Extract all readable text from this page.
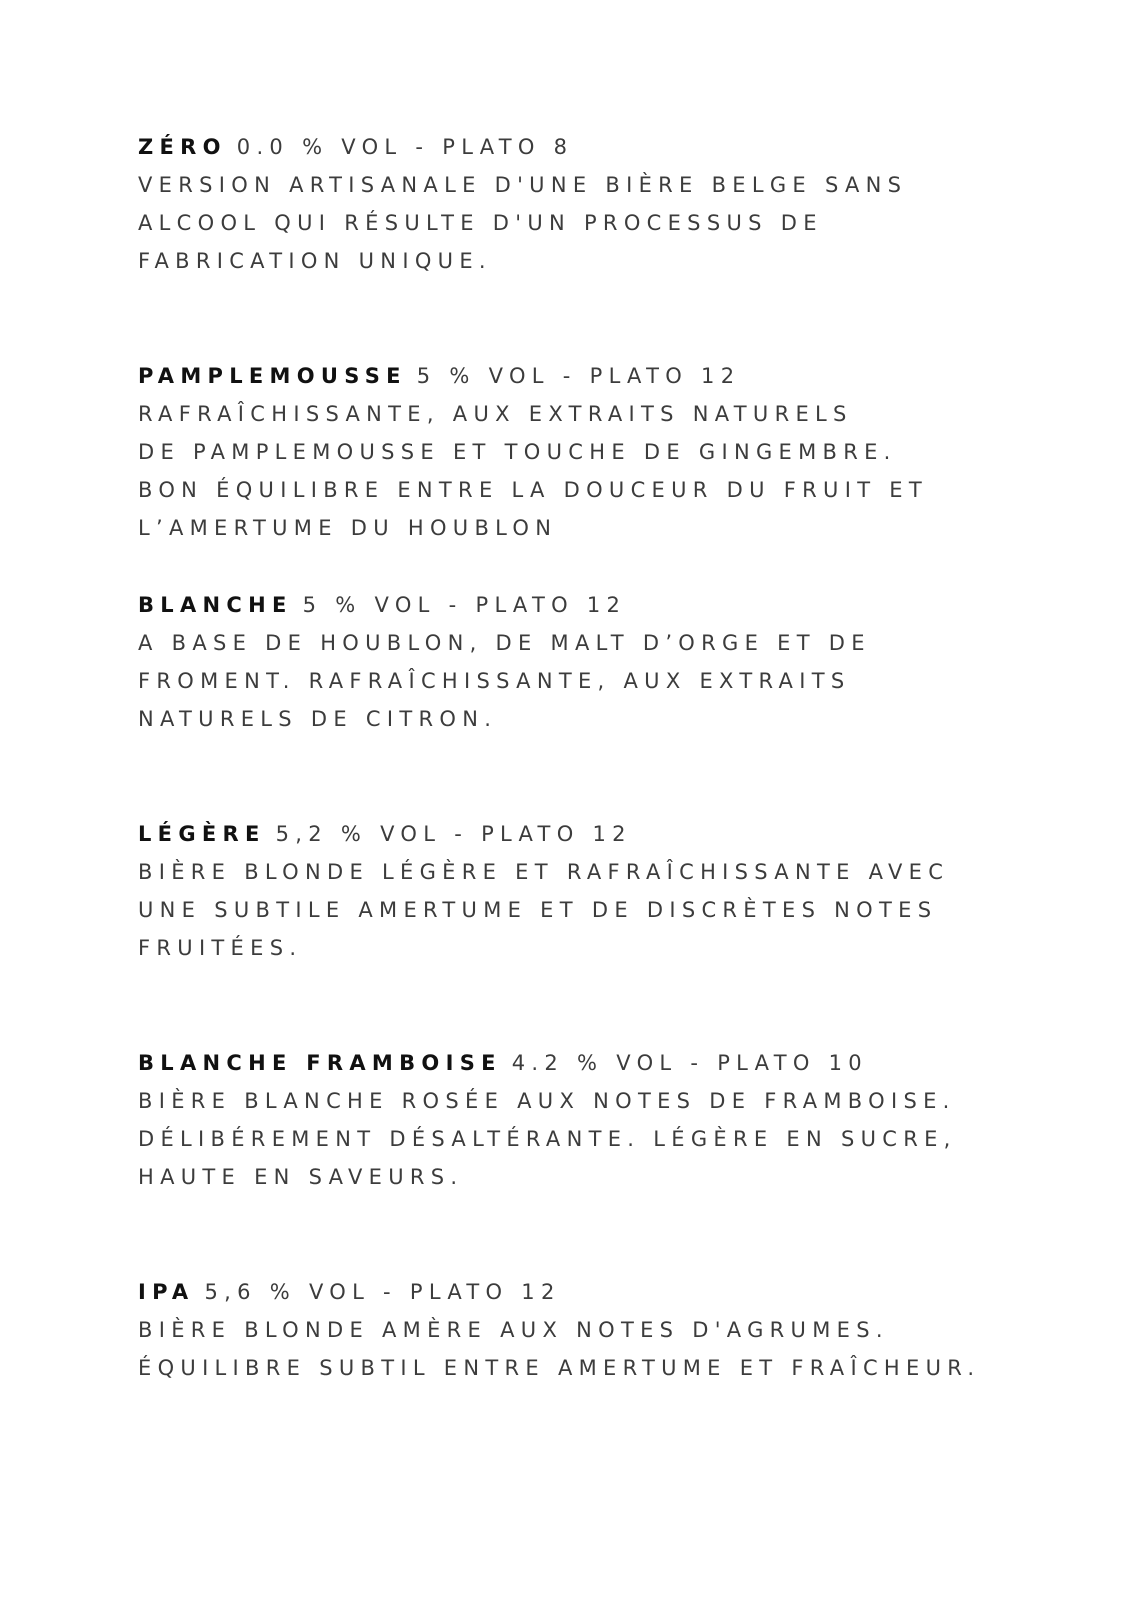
ZÉRO 0.0 % VOL - PLATO 8
VERSION ARTISANALE D'UNE BIÈRE BELGE SANS
ALCOOL QUI RÉSULTE D'UN PROCESSUS DE
FABRICATION UNIQUE.
PAMPLEMOUSSE 5 % VOL - PLATO 12
RAFRAÎCHISSANTE, AUX EXTRAITS NATURELS
DE PAMPLEMOUSSE ET TOUCHE DE GINGEMBRE.
BON ÉQUILIBRE ENTRE LA DOUCEUR DU FRUIT ET
L’AMERTUME DU HOUBLON
BLANCHE 5 % VOL - PLATO 12
A BASE DE HOUBLON, DE MALT D’ORGE ET DE
FROMENT. RAFRAÎCHISSANTE, AUX EXTRAITS
NATURELS DE CITRON.
LÉGÈRE 5,2 % VOL - PLATO 12
BIÈRE BLONDE LÉGÈRE ET RAFRAÎCHISSANTE AVEC
UNE SUBTILE AMERTUME ET DE DISCRÈTES NOTES
FRUITÉES.
BLANCHE FRAMBOISE 4.2 % VOL - PLATO 10
BIÈRE BLANCHE ROSÉE AUX NOTES DE FRAMBOISE.
DÉLIBÉREMENT DÉSALTÉRANTE. LÉGÈRE EN SUCRE,
HAUTE EN SAVEURS.
IPA 5,6 % VOL - PLATO 12
BIÈRE BLONDE AMÈRE AUX NOTES D'AGRUMES.
ÉQUILIBRE SUBTIL ENTRE AMERTUME ET FRAÎCHEUR.
